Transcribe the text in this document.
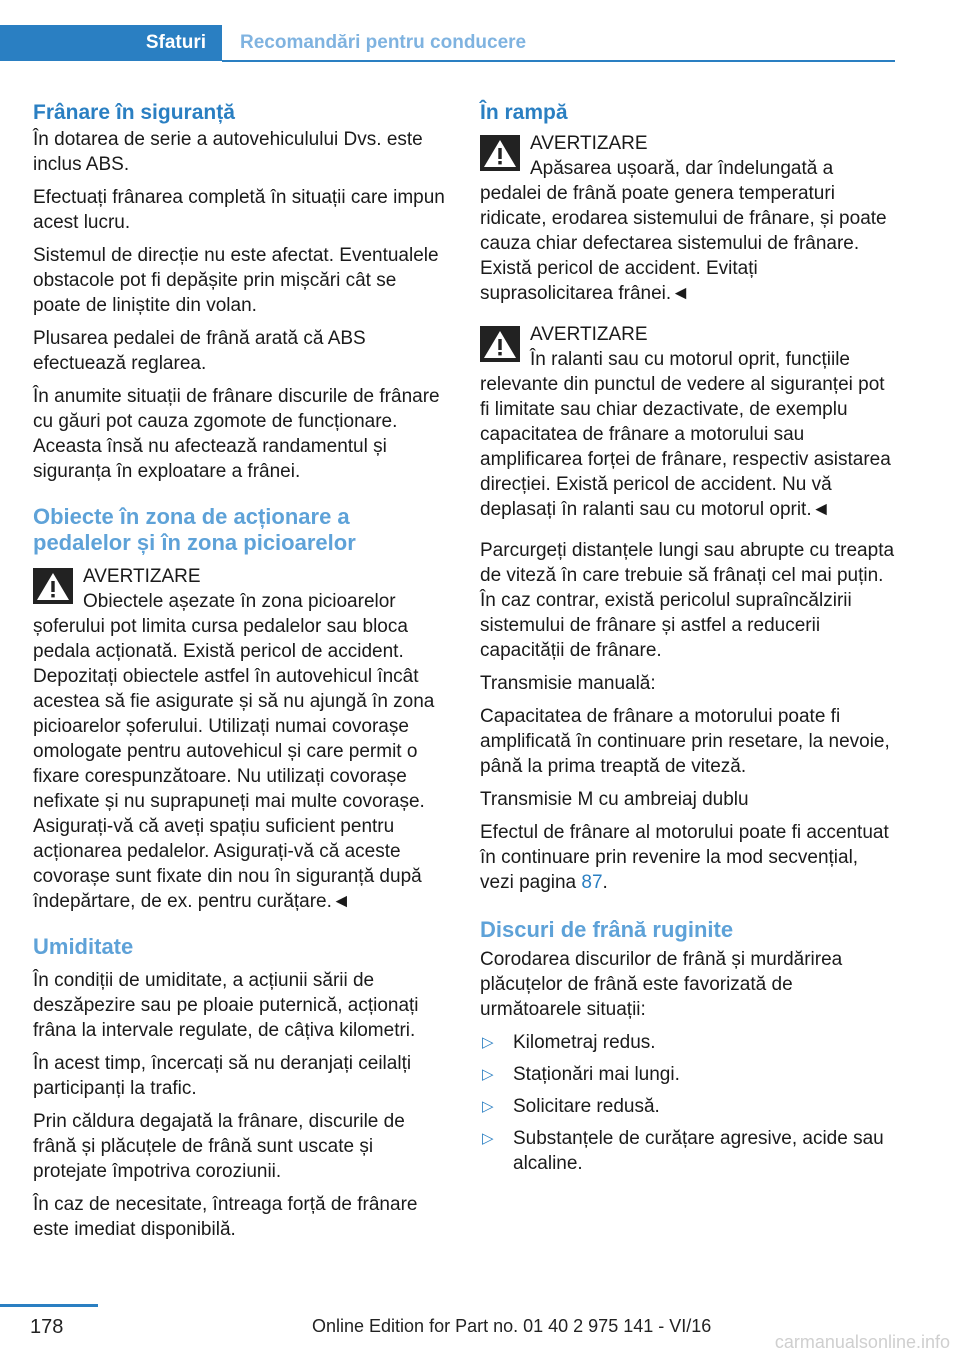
Sfaturi	Recomandări pentru conducere
Frânare în siguranță

În dotarea de serie a autovehiculului Dvs. este inclus ABS.

Efectuați frânarea completă în situații care impun acest lucru.

Sistemul de direcție nu este afectat. Eventualele obstacole pot fi depășite prin mișcări cât se poate de liniștite din volan.

Plusarea pedalei de frână arată că ABS efectuează reglarea.

În anumite situații de frânare discurile de frânare cu găuri pot cauza zgomote de funcționare. Aceasta însă nu afectează randamentul și siguranța în exploatare a frânei.

Obiecte în zona de acționare a pedalelor și în zona picioarelor
AVERTIZARE
Obiectele așezate în zona picioarelor șoferului pot limita cursa pedalelor sau bloca pedala acționată. Există pericol de accident. Depozitați obiectele astfel în autovehicul încât acestea să fie asigurate și să nu ajungă în zona picioarelor șoferului. Utilizați numai covorașe omologate pentru autovehicul și care permit o fixare corespunzătoare. Nu utilizați covorașe nefixate și nu suprapuneți mai multe covorașe. Asigurați-vă că aveți spațiu suficient pentru acționarea pedalelor. Asigurați-vă că aceste covorașe sunt fixate din nou în siguranță după îndepărtare, de ex. pentru curățare.◄
Umiditate

În condiții de umiditate, a acțiunii sării de deszăpezire sau pe ploaie puternică, acționați frâna la intervale regulate, de câțiva kilometri.

În acest timp, încercați să nu deranjați ceilalți participanți la trafic.

Prin căldura degajată la frânare, discurile de frână și plăcuțele de frână sunt uscate și protejate împotriva coroziunii.

În caz de necesitate, întreaga forță de frânare este imediat disponibilă.

În rampă
AVERTIZARE
Apăsarea ușoară, dar îndelungată a pedalei de frână poate genera temperaturi ridicate, erodarea sistemului de frânare, și poate cauza chiar defectarea sistemului de frânare. Există pericol de accident. Evitați suprasolicitarea frânei.◄
AVERTIZARE
În ralanti sau cu motorul oprit, funcțiile relevante din punctul de vedere al siguranței pot fi limitate sau chiar dezactivate, de exemplu capacitatea de frânare a motorului sau amplificarea forței de frânare, respectiv asistarea direcției. Există pericol de accident. Nu vă deplasați în ralanti sau cu motorul oprit.◄

Parcurgeți distanțele lungi sau abrupte cu treapta de viteză în care trebuie să frânați cel mai puțin. În caz contrar, există pericolul supraîncălzirii sistemului de frânare și astfel a reducerii capacității de frânare.

Transmisie manuală:

Capacitatea de frânare a motorului poate fi amplificată în continuare prin resetare, la nevoie, până la prima treaptă de viteză.

Transmisie M cu ambreiaj dublu

Efectul de frânare al motorului poate fi accentuat în continuare prin revenire la mod secvențial, vezi pagina 87.

Discuri de frână ruginite

Corodarea discurilor de frână și murdărirea plăcuțelor de frână este favorizată de următoarele situații:

▷ Kilometraj redus.
▷ Staționări mai lungi.
▷ Solicitare redusă.
▷ Substanțele de curățare agresive, acide sau alcaline.
178	Online Edition for Part no. 01 40 2 975 141 - VI/16
carmanualsonline.info
